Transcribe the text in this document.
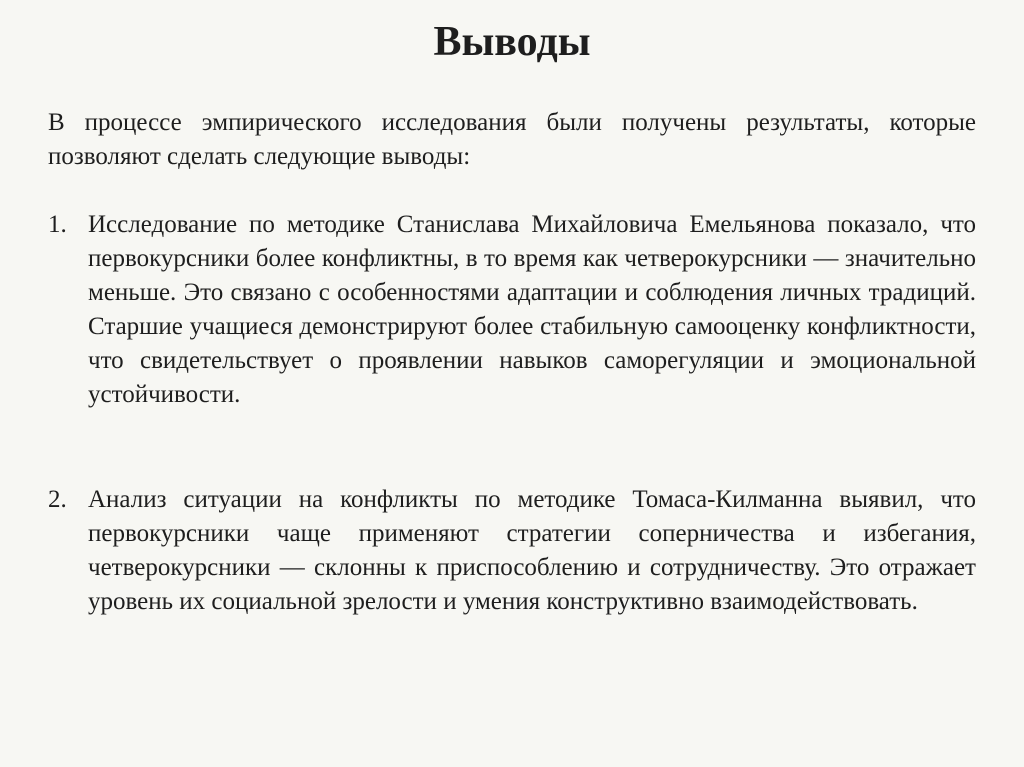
Выводы
В процессе эмпирического исследования были получены результаты, которые позволяют сделать следующие выводы:
1. Исследование по методике Станислава Михайловича Емельянова показало, что первокурсники более конфликтны, в то время как четверокурсники — значительно меньше. Это связано с особенностями адаптации и соблюдения личных традиций. Старшие учащиеся демонстрируют более стабильную самооценку конфликтности, что свидетельствует о проявлении навыков саморегуляции и эмоциональной устойчивости.
2. Анализ ситуации на конфликты по методике Томаса-Килманна выявил, что первокурсники чаще применяют стратегии соперничества и избегания, четверокурсники — склонны к приспособлению и сотрудничеству. Это отражает уровень их социальной зрелости и умения конструктивно взаимодействовать.
